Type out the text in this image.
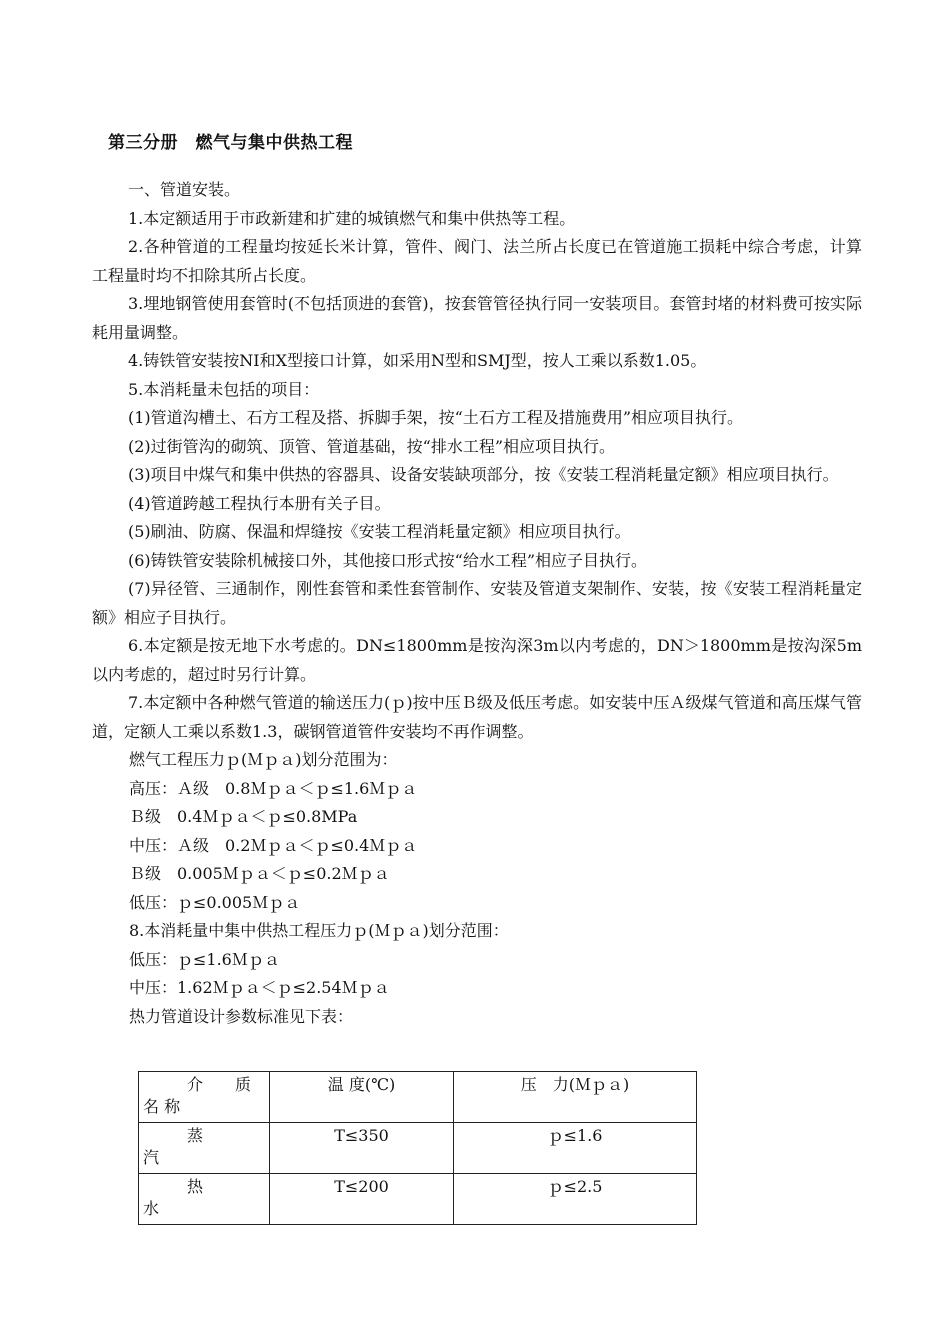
第三分册　燃气与集中供热工程

一、管道安装。

1.本定额适用于市政新建和扩建的城镇燃气和集中供热等工程。

2.各种管道的工程量均按延长米计算，管件、阀门、法兰所占长度已在管道施工损耗中综合考虑，计算工程量时均不扣除其所占长度。

3.埋地钢管使用套管时(不包括顶进的套管)，按套管管径执行同一安装项目。套管封堵的材料费可按实际耗用量调整。

4.铸铁管安装按NI和X型接口计算，如采用N型和SMJ型，按人工乘以系数1.05。

5.本消耗量未包括的项目：

(1)管道沟槽土、石方工程及搭、拆脚手架，按“土石方工程及措施费用”相应项目执行。

(2)过街管沟的砌筑、顶管、管道基础，按“排水工程”相应项目执行。

(3)项目中煤气和集中供热的容器具、设备安装缺项部分，按《安装工程消耗量定额》相应项目执行。

(4)管道跨越工程执行本册有关子目。

(5)刷油、防腐、保温和焊缝按《安装工程消耗量定额》相应项目执行。

(6)铸铁管安装除机械接口外，其他接口形式按“给水工程”相应子目执行。

(7)异径管、三通制作，刚性套管和柔性套管制作、安装及管道支架制作、安装，按《安装工程消耗量定额》相应子目执行。

6.本定额是按无地下水考虑的。DN≤1800mm是按沟深3m以内考虑的，DN＞1800mm是按沟深5m以内考虑的，超过时另行计算。

7.本定额中各种燃气管道的输送压力(ｐ)按中压Ｂ级及低压考虑。如安装中压Ａ级煤气管道和高压煤气管道，定额人工乘以系数1.3，碳钢管道管件安装均不再作调整。

燃气工程压力ｐ(Ｍｐａ)划分范围为：

高压：Ａ级　0.8Ｍｐａ＜ｐ≤1.6Ｍｐａ

Ｂ级　0.4Ｍｐａ＜ｐ≤0.8MPa

中压：Ａ级　0.2Ｍｐａ＜ｐ≤0.4Ｍｐａ

Ｂ级　0.005Ｍｐａ＜ｐ≤0.2Ｍｐａ

低压：ｐ≤0.005Ｍｐａ

8.本消耗量中集中供热工程压力ｐ(Ｍｐａ)划分范围：

低压：ｐ≤1.6Ｍｐａ

中压：1.62Ｍｐａ＜ｐ≤2.54Ｍｐａ

热力管道设计参数标准见下表：

介　　质
名 称	温 度(℃)	压　力(Ｍｐａ)

蒸
汽	T≤350	ｐ≤1.6

热
水	T≤200	ｐ≤2.5
